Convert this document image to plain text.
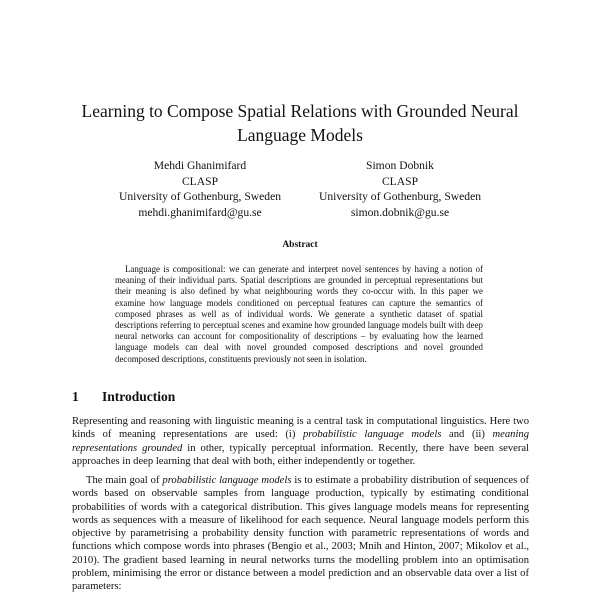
Learning to Compose Spatial Relations with Grounded Neural Language Models
Mehdi Ghanimifard
CLASP
University of Gothenburg, Sweden
mehdi.ghanimifard@gu.se
Simon Dobnik
CLASP
University of Gothenburg, Sweden
simon.dobnik@gu.se
Abstract
Language is compositional: we can generate and interpret novel sentences by having a notion of meaning of their individual parts. Spatial descriptions are grounded in perceptual representations but their meaning is also defined by what neighbouring words they co-occur with. In this paper we examine how language models conditioned on perceptual features can capture the semantics of composed phrases as well as of individual words. We generate a synthetic dataset of spatial descriptions referring to perceptual scenes and examine how grounded language models built with deep neural networks can account for compositionality of descriptions – by evaluating how the learned language models can deal with novel grounded composed descriptions and novel grounded decomposed descriptions, constituents previously not seen in isolation.
1 Introduction
Representing and reasoning with linguistic meaning is a central task in computational linguistics. Here two kinds of meaning representations are used: (i) probabilistic language models and (ii) meaning representations grounded in other, typically perceptual information. Recently, there have been several approaches in deep learning that deal with both, either independently or together.
The main goal of probabilistic language models is to estimate a probability distribution of sequences of words based on observable samples from language production, typically by estimating conditional probabilities of words with a categorical distribution. This gives language models means for representing words as sequences with a measure of likelihood for each sequence. Neural language models perform this objective by parametrising a probability density function with parametric representations of words and functions which compose words into phrases (Bengio et al., 2003; Mnih and Hinton, 2007; Mikolov et al., 2010). The gradient based learning in neural networks turns the modelling problem into an optimisation problem, minimising the error or distance between a model prediction and an observable data over a list of parameters:
